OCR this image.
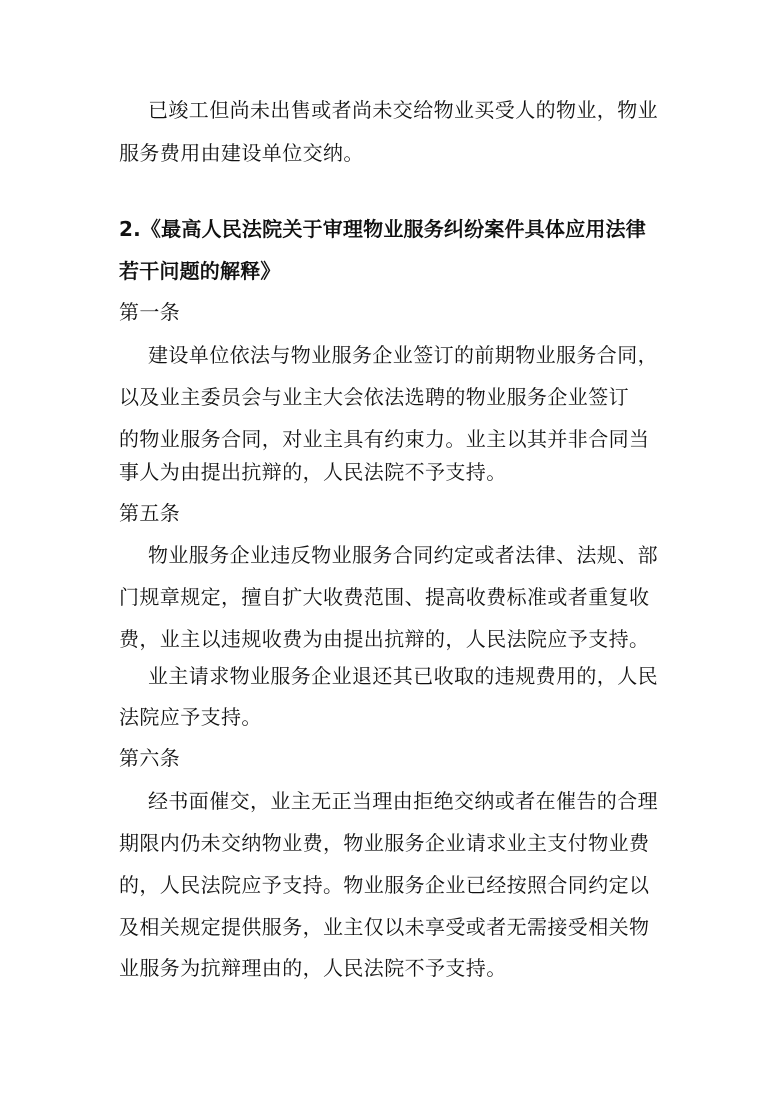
已竣工但尚未出售或者尚未交给物业买受人的物业，物业
服务费用由建设单位交纳。
2.《最高人民法院关于审理物业服务纠纷案件具体应用法律
若干问题的解释》
第一条
建设单位依法与物业服务企业签订的前期物业服务合同，
以及业主委员会与业主大会依法选聘的物业服务企业签订
的物业服务合同，对业主具有约束力。业主以其并非合同当
事人为由提出抗辩的，人民法院不予支持。
第五条
物业服务企业违反物业服务合同约定或者法律、法规、部
门规章规定，擅自扩大收费范围、提高收费标准或者重复收
费，业主以违规收费为由提出抗辩的，人民法院应予支持。
业主请求物业服务企业退还其已收取的违规费用的，人民
法院应予支持。
第六条
经书面催交，业主无正当理由拒绝交纳或者在催告的合理
期限内仍未交纳物业费，物业服务企业请求业主支付物业费
的，人民法院应予支持。物业服务企业已经按照合同约定以
及相关规定提供服务，业主仅以未享受或者无需接受相关物
业服务为抗辩理由的，人民法院不予支持。
